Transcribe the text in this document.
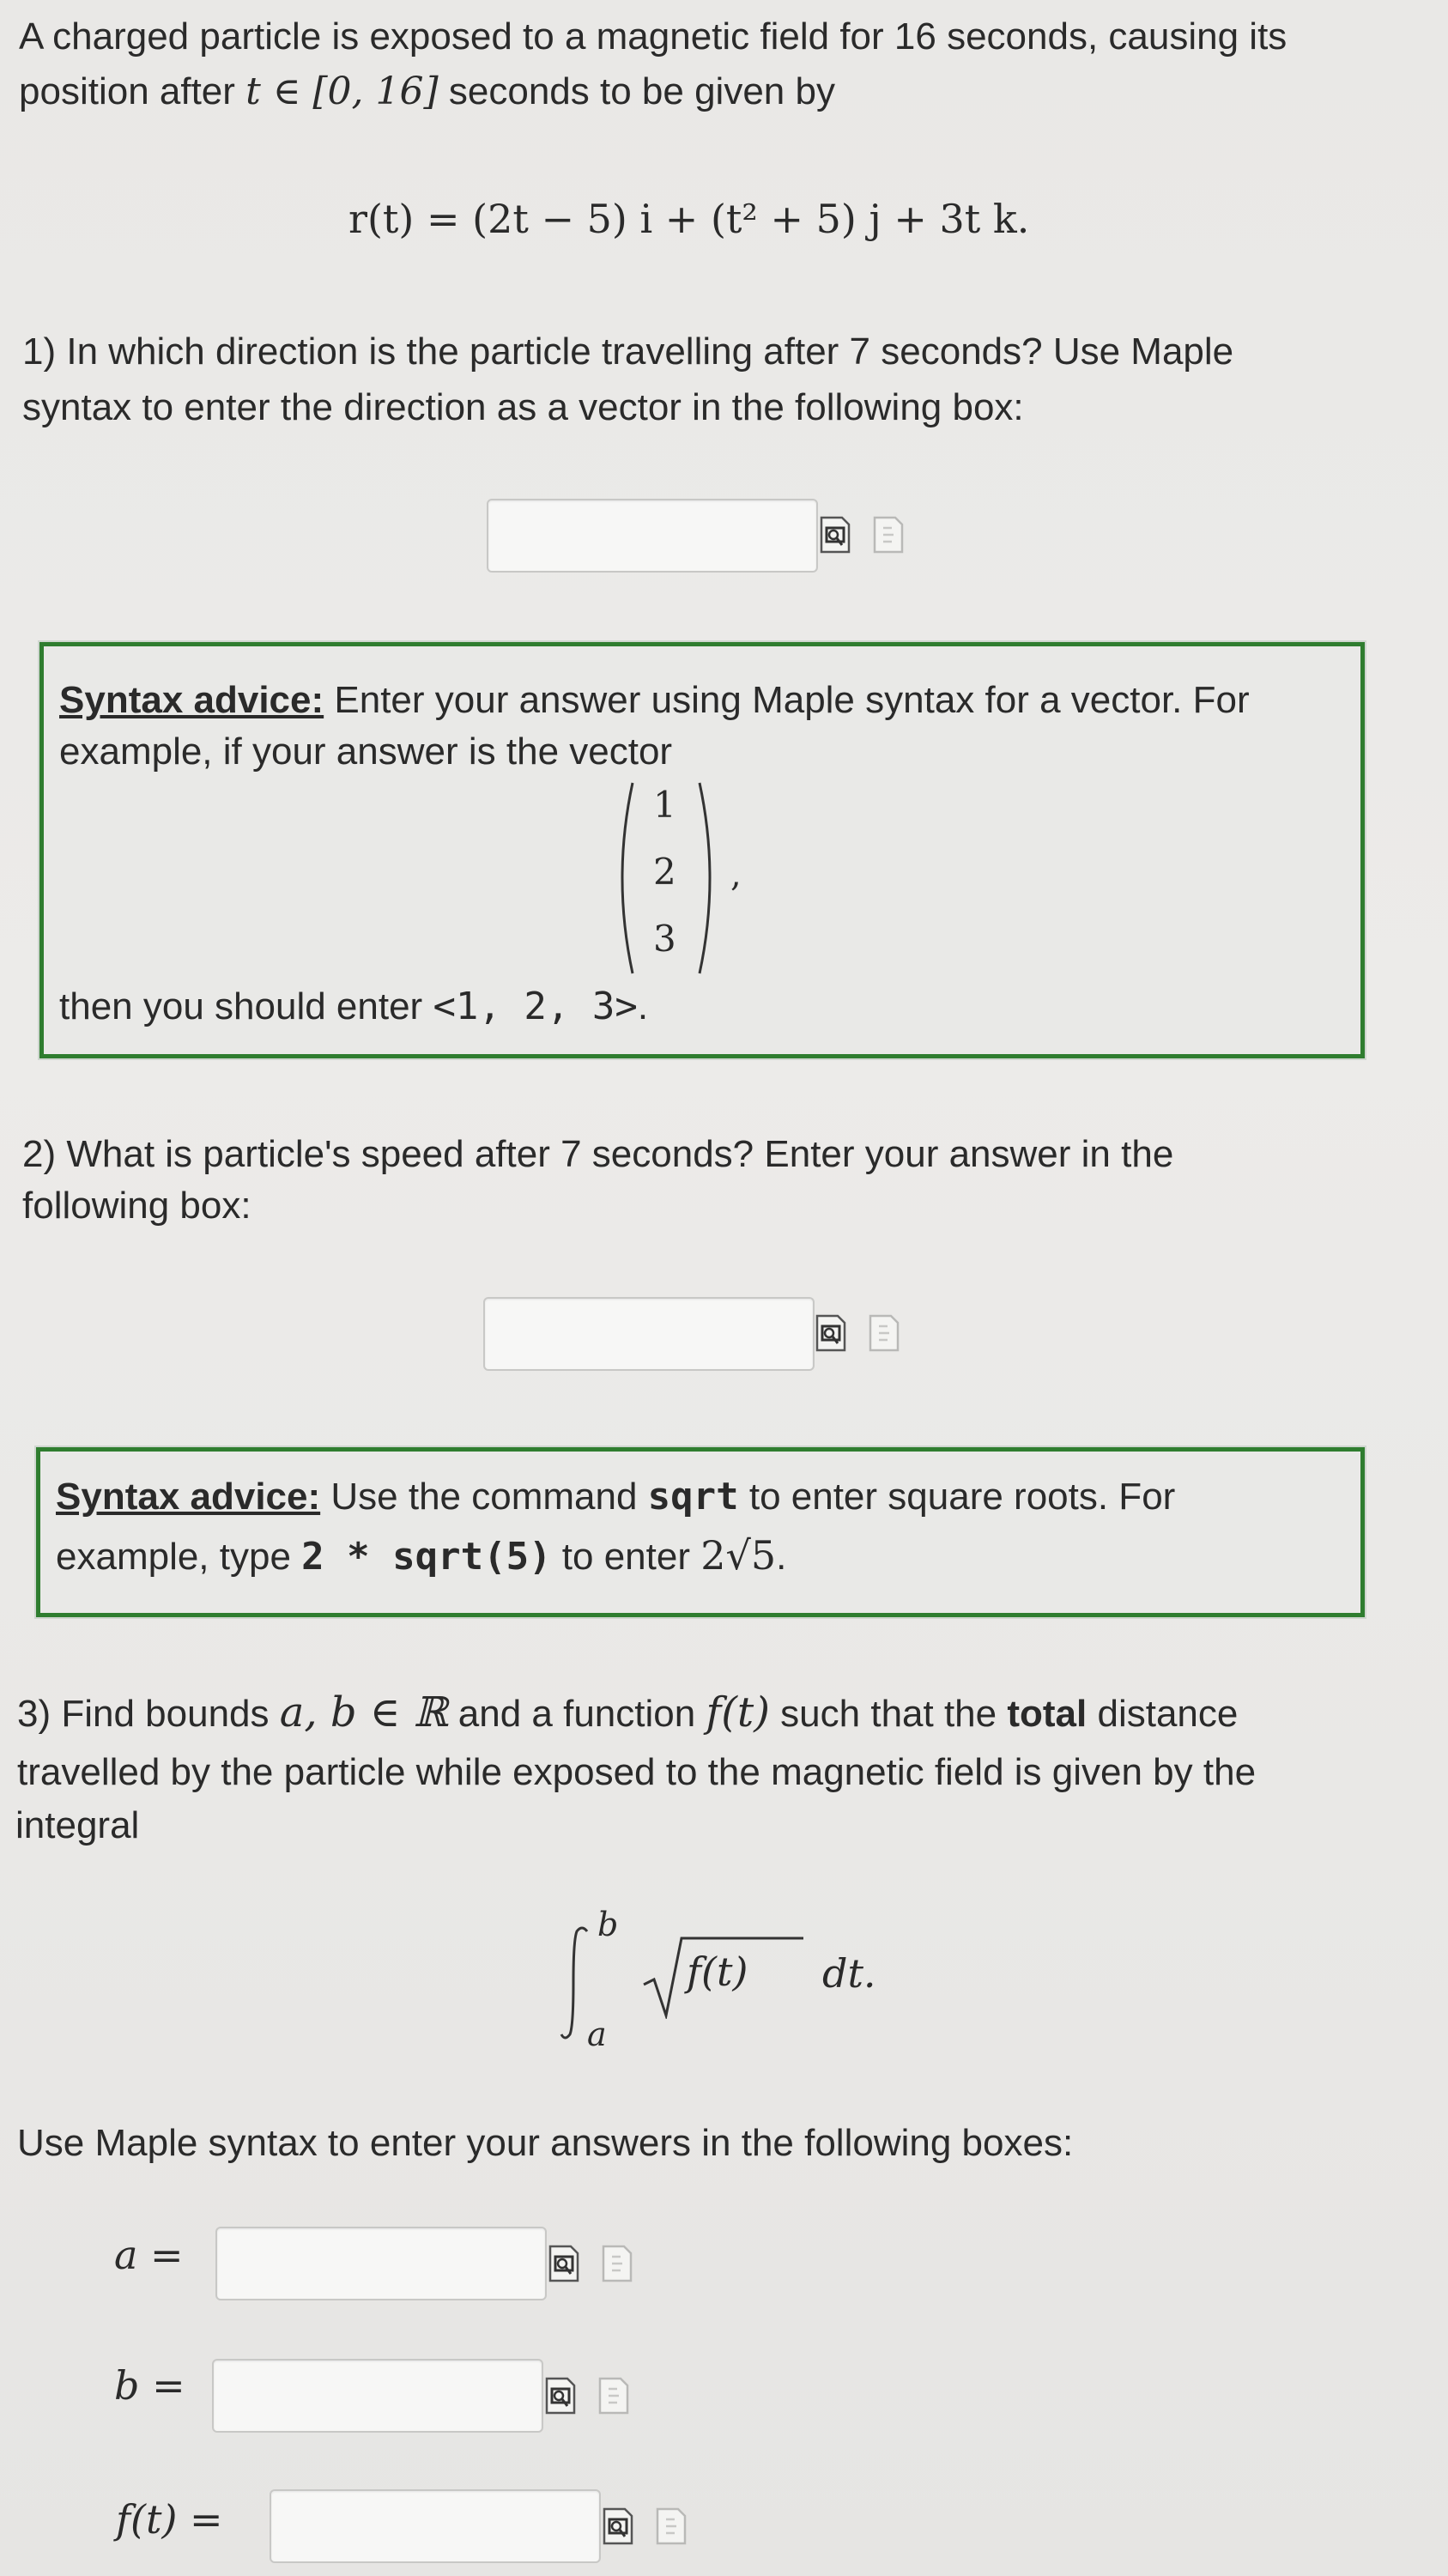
A charged particle is exposed to a magnetic field for 16 seconds, causing its
position after t ∈ [0, 16] seconds to be given by
r(t) = (2t − 5) i + (t² + 5) j + 3t k.
1) In which direction is the particle travelling after 7 seconds? Use Maple
syntax to enter the direction as a vector in the following box:
Syntax advice: Enter your answer using Maple syntax for a vector. For
example, if your answer is the vector
1
2
3
,
then you should enter <1, 2, 3>.
2) What is particle's speed after 7 seconds? Enter your answer in the
following box:
Syntax advice: Use the command sqrt to enter square roots. For
example, type 2 * sqrt(5) to enter 2√5.
3) Find bounds a, b ∈ ℝ and a function f(t) such that the total distance
travelled by the particle while exposed to the magnetic field is given by the
integral
b
a
f(t) dt.
Use Maple syntax to enter your answers in the following boxes:
a =
b =
f(t) =
